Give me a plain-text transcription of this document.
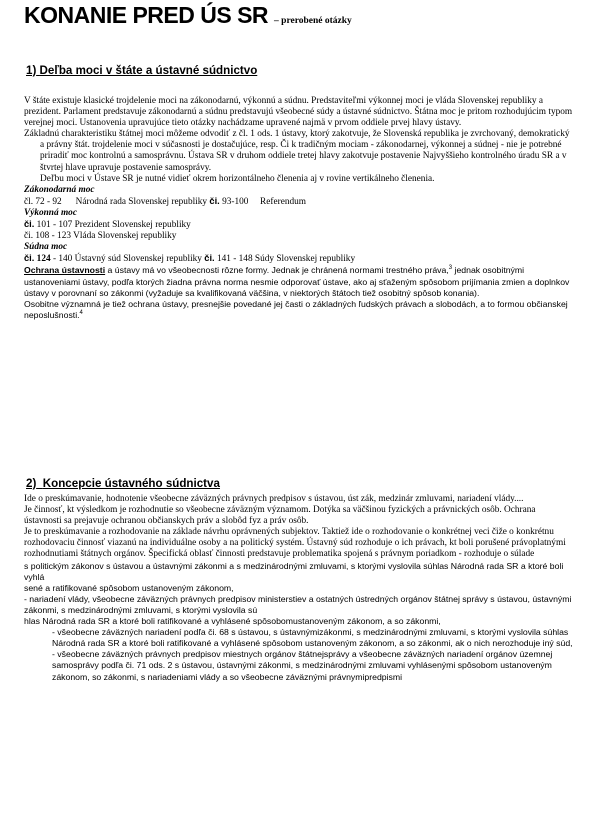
KONANIE PRED ÚS SR – prerobené otázky
1) Deľba moci v štáte a ústavné súdnictvo

V štáte existuje klasické trojdelenie moci na zákonodarnú, výkonnú a súdnu. Predstaviteľmi výkonnej moci je vláda Slovenskej republiky a prezident. Parlament predstavuje zákonodarnú a súdnu predstavujú všeobecné súdy a ústavné súdnictvo. Štátna moc je pritom rozhodujúcim typom verejnej moci. Ustanovenia upravujúce tieto otázky nachádzame upravené najmä v prvom oddiele prvej hlavy ústavy.

Základnú charakteristiku štátnej moci môžeme odvodiť z čl. 1 ods. 1 ústavy, ktorý zakotvuje, že Slovenská republika je zvrchovaný, demokratický a právny štát. trojdelenie moci v súčasnosti je dostačujúce, resp. Či k tradičným mociam - zákonodarnej, výkonnej a súdnej - nie je potrebné priradiť moc kontrolnú a samosprávnu. Ústava SR v druhom oddiele tretej hlavy zakotvuje postavenie Najvyššieho kontrolného úradu SR a v štvrtej hlave upravuje postavenie samosprávy.

Deľbu moci v Ústave SR je nutné vidieť okrem horizontálneho členenia aj v rovine vertikálneho členenia.

Zákonodarná moc

čl. 72 - 92 Národná rada Slovenskej republiky či. 93-100 Referendum

Výkonná moc

či. 101 - 107 Prezident Slovenskej republiky

či. 108 - 123 Vláda Slovenskej republiky

Súdna moc

či. 124 - 140 Ústavný súd Slovenskej republiky či. 141 - 148 Súdy Slovenskej republiky

Ochrana ústavnosti a ústavy má vo všeobecnosti rôzne formy. Jednak je chránená normami trestného práva,$^3$ jednak osobitnými ustanoveniami ústavy, podľa ktorých žiadna právna norma nesmie odporovať ústave, ako aj sťaženým spôsobom prijímania zmien a doplnkov ústavy v porovnaní so zákonmi (vyžaduje sa kvalifikovaná väčšina, v niektorých štátoch tiež osobitný spôsob konania).

Osobitne významná je tiež ochrana ústavy, presnejšie povedané jej časti o základných ľudských právach a slobodách, a to formou občianskej neposlušnosti.$^4$

2) Koncepcie ústavného súdnictva

Ide o preskúmavanie, hodnotenie všeobecne záväzných právnych predpisov s ústavou, úst zák, medzinár zmluvami, nariadení vlády....

Je činnosť, kt výsledkom je rozhodnutie so všeobecne záväzným významom. Dotýka sa väčšinou fyzických a právnických osôb. Ochrana ústavnosti sa prejavuje ochranou občianskych práv a slobôd fyz a práv osôb.

Je to preskúmavanie a rozhodovanie na základe návrhu oprávnených subjektov. Taktiež ide o rozhodovanie o konkrétnej veci čiže o konkrétnu rozhodovaciu činnosť viazanú na individuálne osoby a na politický systém. Ústavný súd rozhoduje o ich právach, kt boli porušené právoplatnými rozhodnutiami štátnych orgánov. Špecifická oblasť činnosti predstavuje problematika spojená s právnym poriadkom - rozhoduje o súlade

s politickým zákonov s ústavou a ústavnými zákonmi a s medzinárodnými zmluvami, s ktorými vyslovila súhlas Národná rada SR a ktoré boli vyhlá

sené a ratifikované spôsobom ustanoveným zákonom,

- nariadení vlády, všeobecne záväzných právnych predpisov ministerstiev a ostatných ústredných orgánov štátnej správy s ústavou, ústavnými zákonmi, s medzinárodnými zmluvami, s ktorými vyslovila sú

hlas Národná rada SR a ktoré boli ratifikované a vyhlásené spôsobomustanoveným zákonom, a so zákonmi,

- všeobecne záväzných nariadení podľa či. 68 s ústavou, s ústavnýmizákonmi, s medzinárodnými zmluvami, s ktorými vyslovila súhlas Národná rada SR a ktoré boli ratifikované a vyhlásené spôsobom ustanoveným zákonom, a so zákonmi, ak o nich nerozhoduje iný súd,

- všeobecne záväzných právnych predpisov miestnych orgánov štátnejsprávy a všeobecne záväzných nariadení orgánov územnej samosprávy podľa či. 71 ods. 2 s ústavou, ústavnými zákonmi, s medzinárodnými zmluvami vyhlásenými spôsobom ustanoveným zákonom, so zákonmi, s nariadeniami vlády a so všeobecne záväznými právnymipredpismi
